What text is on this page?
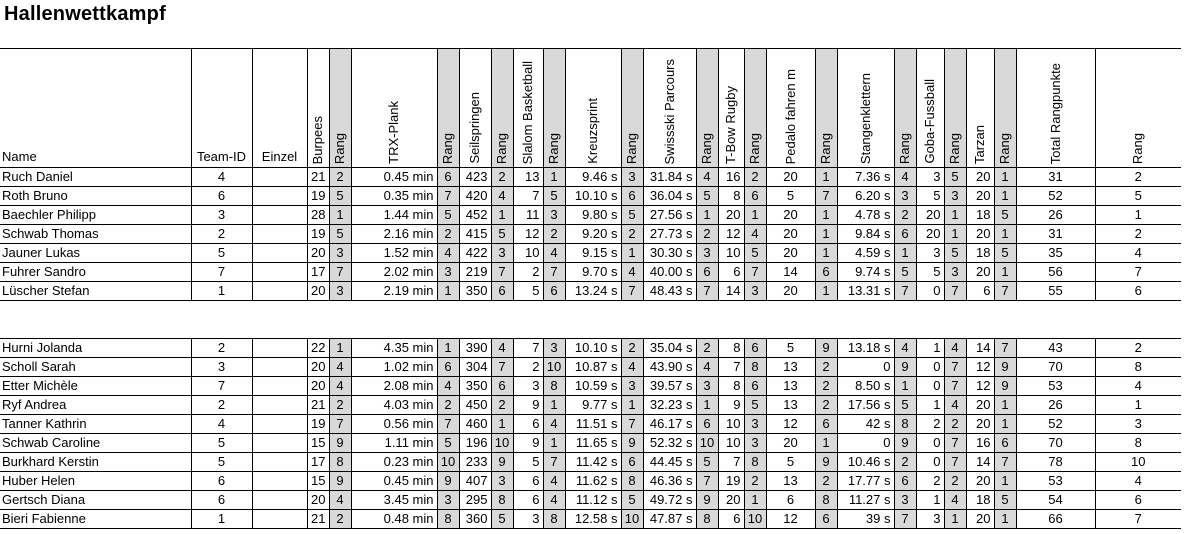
Hallenwettkampf
Name	Team-ID	Einzel	Burpees	Rang	TRX-Plank	Rang	Seilspringen	Rang	Slalom Basketball	Rang	Kreuzsprint	Rang	Swissski Parcours	Rang	T-Bow Rugby	Rang	Pedalo fahren m	Rang	Stangenklettern	Rang	Goba-Fussball	Rang	Tarzan	Rang	Total Rangpunkte	Rang

Ruch Daniel	4		21	2	0.45 min	6	423	2	13	1	9.46 s	3	31.84 s	4	16	2	20	1	7.36 s	4	3	5	20	1	31	2
Roth Bruno	6		19	5	0.35 min	7	420	4	7	5	10.10 s	6	36.04 s	5	8	6	5	7	6.20 s	3	5	3	20	1	52	5
Baechler Philipp	3		28	1	1.44 min	5	452	1	11	3	9.80 s	5	27.56 s	1	20	1	20	1	4.78 s	2	20	1	18	5	26	1
Schwab Thomas	2		19	5	2.16 min	2	415	5	12	2	9.20 s	2	27.73 s	2	12	4	20	1	9.84 s	6	20	1	20	1	31	2
Jauner Lukas	5		20	3	1.52 min	4	422	3	10	4	9.15 s	1	30.30 s	3	10	5	20	1	4.59 s	1	3	5	18	5	35	4
Fuhrer Sandro	7		17	7	2.02 min	3	219	7	2	7	9.70 s	4	40.00 s	6	6	7	14	6	9.74 s	5	5	3	20	1	56	7
Lüscher Stefan	1		20	3	2.19 min	1	350	6	5	6	13.24 s	7	48.43 s	7	14	3	20	1	13.31 s	7	0	7	6	7	55	6

Hurni Jolanda	2		22	1	4.35 min	1	390	4	7	3	10.10 s	2	35.04 s	2	8	6	5	9	13.18 s	4	1	4	14	7	43	2
Scholl Sarah	3		20	4	1.02 min	6	304	7	2	10	10.87 s	4	43.90 s	4	7	8	13	2	0	9	0	7	12	9	70	8
Etter Michèle	7		20	4	2.08 min	4	350	6	3	8	10.59 s	3	39.57 s	3	8	6	13	2	8.50 s	1	0	7	12	9	53	4
Ryf Andrea	2		21	2	4.03 min	2	450	2	9	1	9.77 s	1	32.23 s	1	9	5	13	2	17.56 s	5	1	4	20	1	26	1
Tanner Kathrin	4		19	7	0.56 min	7	460	1	6	4	11.51 s	7	46.17 s	6	10	3	12	6	42 s	8	2	2	20	1	52	3
Schwab Caroline	5		15	9	1.11 min	5	196	10	9	1	11.65 s	9	52.32 s	10	10	3	20	1	0	9	0	7	16	6	70	8
Burkhard Kerstin	5		17	8	0.23 min	10	233	9	5	7	11.42 s	6	44.45 s	5	7	8	5	9	10.46 s	2	0	7	14	7	78	10
Huber Helen	6		15	9	0.45 min	9	407	3	6	4	11.62 s	8	46.36 s	7	19	2	13	2	17.77 s	6	2	2	20	1	53	4
Gertsch Diana	6		20	4	3.45 min	3	295	8	6	4	11.12 s	5	49.72 s	9	20	1	6	8	11.27 s	3	1	4	18	5	54	6
Bieri Fabienne	1		21	2	0.48 min	8	360	5	3	8	12.58 s	10	47.87 s	8	6	10	12	6	39 s	7	3	1	20	1	66	7
